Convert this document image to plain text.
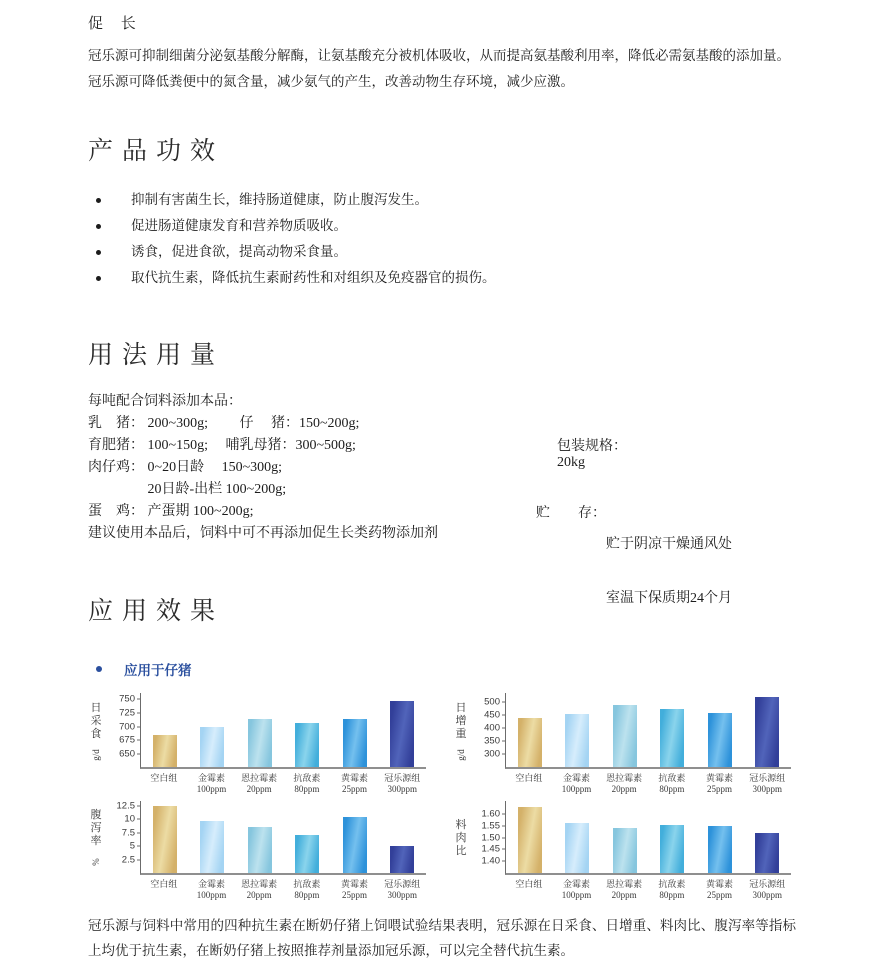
促 长
冠乐源可抑制细菌分泌氨基酸分解酶，让氨基酸充分被机体吸收，从而提高氨基酸利用率，降低必需氨基酸的添加量。
冠乐源可降低粪便中的氮含量，减少氨气的产生，改善动物生存环境，减少应激。
产品功效
抑制有害菌生长，维持肠道健康，防止腹泻发生。
促进肠道健康发育和营养物质吸收。
诱食，促进食欲，提高动物采食量。
取代抗生素，降低抗生素耐药性和对组织及免疫器官的损伤。
用法用量
每吨配合饲料添加本品：
乳　猪： 200~300g;　　 仔　 猪：150~200g;
育肥猪： 100~150g;　 哺乳母猪：300~500g;
肉仔鸡： 0~20日龄　 150~300g;
　　　　 20日龄-出栏 100~200g;
蛋　鸡： 产蛋期 100~200g;
建议使用本品后，饲料中可不再添加促生长类药物添加剂

包装规格：
20kg

贮　　存：

贮于阴凉干燥通风处

室温下保质期24个月

应用效果
应用于仔猪
日
采
食
g/d 650
675
700
725
750
空白组	金霉素
100ppm
恩拉霉素
20ppm
抗敌素
80ppm
黄霉素
25ppm
冠乐源组
300ppm
日
增
重
g/d 300
350
400
450
500
空白组	金霉素
100ppm
恩拉霉素
20ppm
抗敌素
80ppm
黄霉素
25ppm
冠乐源组
300ppm
腹
泻
率
% 2.5
5
7.5
10
12.5
空白组	金霉素
100ppm
恩拉霉素
20ppm
抗敌素
80ppm
黄霉素
25ppm
冠乐源组
300ppm
料
肉
比
1.40
1.45
1.50
1.55
1.60
空白组	金霉素
100ppm
恩拉霉素
20ppm
抗敌素
80ppm
黄霉素
25ppm
冠乐源组
300ppm
冠乐源与饲料中常用的四种抗生素在断奶仔猪上饲喂试验结果表明，冠乐源在日采食、日增重、料肉比、腹泻率等指标上均优于抗生素，在断奶仔猪上按照推荐剂量添加冠乐源，可以完全替代抗生素。
